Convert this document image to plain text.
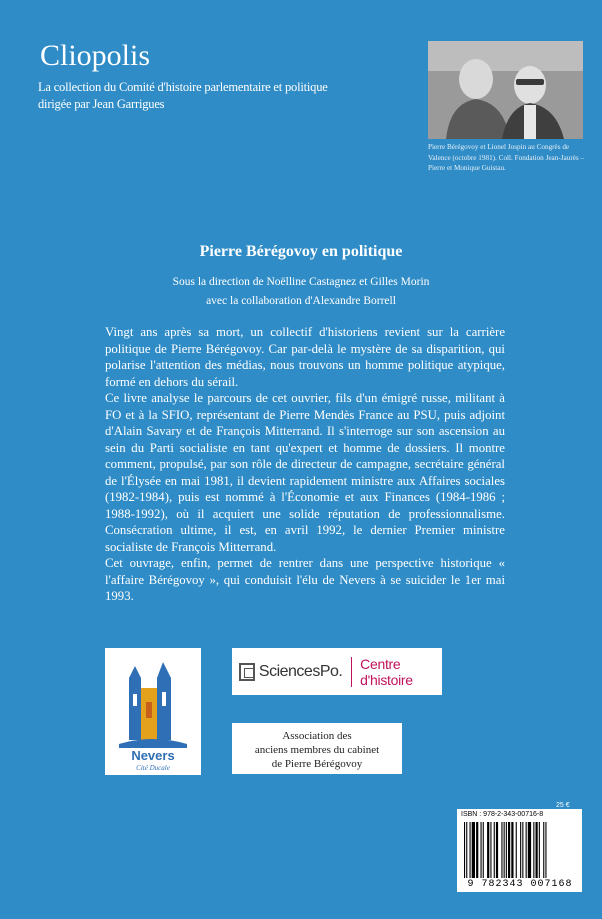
Cliopolis
La collection du Comité d'histoire parlementaire et politique
dirigée par Jean Garrigues
Pierre Bérégovoy et Lionel Jospin au Congrès de Valence (octobre 1981). Coll. Fondation Jean-Jaurès – Pierre et Monique Guistau.
Pierre Bérégovoy en politique
Sous la direction de Noëlline Castagnez et Gilles Morin
avec la collaboration d'Alexandre Borrell

Vingt ans après sa mort, un collectif d'historiens revient sur la carrière politique de Pierre Bérégovoy. Car par-delà le mystère de sa disparition, qui polarise l'attention des médias, nous trouvons un homme politique atypique, formé en dehors du sérail.

Ce livre analyse le parcours de cet ouvrier, fils d'un émigré russe, militant à FO et à la SFIO, représentant de Pierre Mendès France au PSU, puis adjoint d'Alain Savary et de François Mitterrand. Il s'interroge sur son ascension au sein du Parti socialiste en tant qu'expert et homme de dossiers. Il montre comment, propulsé, par son rôle de directeur de campagne, secrétaire général de l'Élysée en mai 1981, il devient rapidement ministre aux Affaires sociales (1982-1984), puis est nommé à l'Économie et aux Finances (1984-1986 ; 1988-1992), où il acquiert une solide réputation de professionnalisme. Consécration ultime, il est, en avril 1992, le dernier Premier ministre socialiste de François Mitterrand.

Cet ouvrage, enfin, permet de rentrer dans une perspective historique « l'affaire Bérégovoy », qui conduisit l'élu de Nevers à se suicider le 1er mai 1993.

Nevers
Cité Ducale
SciencesPo. Centre d'histoire
Association des
anciens membres du cabinet
de Pierre Bérégovoy
25 €
ISBN : 978-2-343-00716-8
9 782343 007168
